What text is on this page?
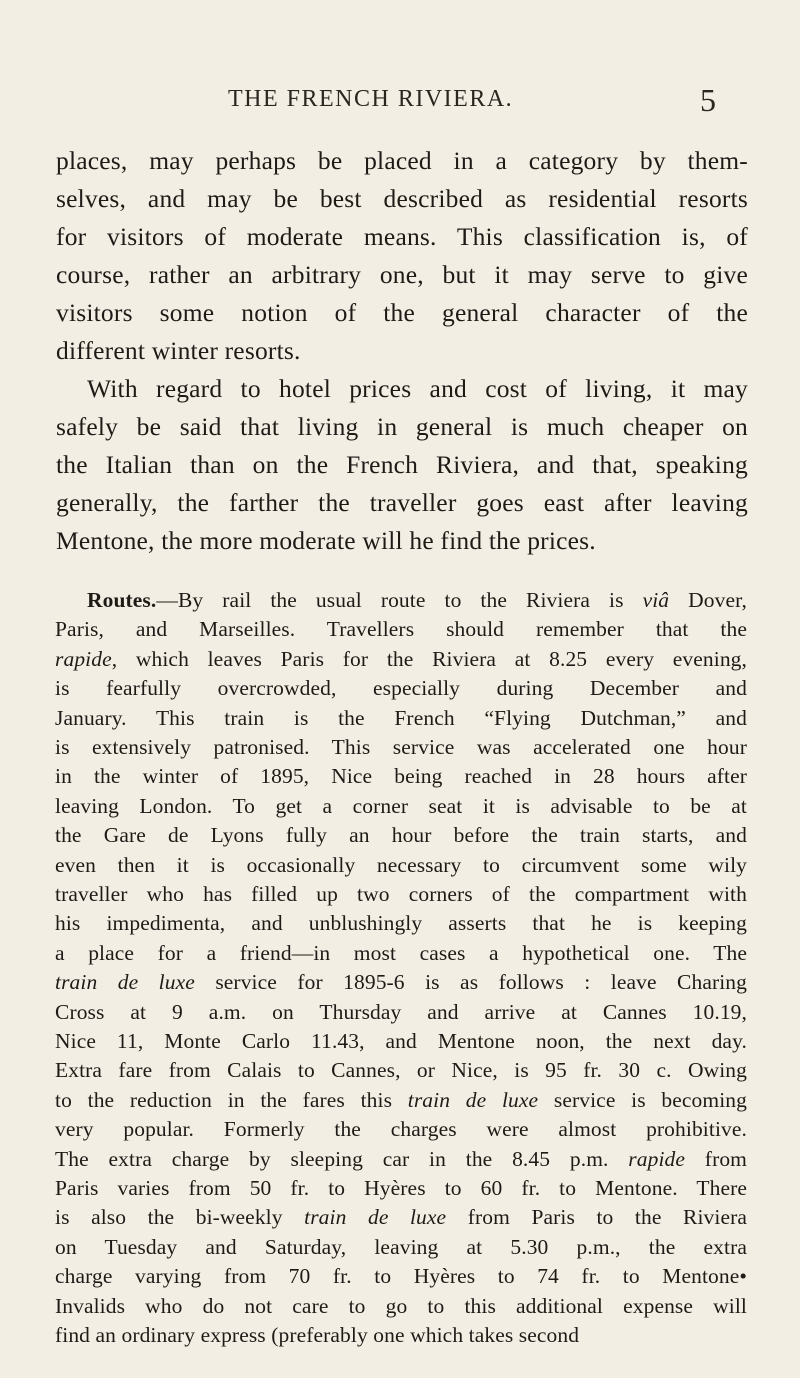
THE FRENCH RIVIERA.	5
places, may perhaps be placed in a category by them-
selves, and may be best described as residential resorts
for visitors of moderate means. This classification is, of
course, rather an arbitrary one, but it may serve to give
visitors some notion of the general character of the
different winter resorts.
With regard to hotel prices and cost of living, it may
safely be said that living in general is much cheaper on
the Italian than on the French Riviera, and that, speaking
generally, the farther the traveller goes east after leaving
Mentone, the more moderate will he find the prices.
Routes.—By rail the usual route to the Riviera is viâ Dover,
Paris, and Marseilles. Travellers should remember that the
rapide, which leaves Paris for the Riviera at 8.25 every evening,
is fearfully overcrowded, especially during December and
January. This train is the French “Flying Dutchman,” and
is extensively patronised. This service was accelerated one hour
in the winter of 1895, Nice being reached in 28 hours after
leaving London. To get a corner seat it is advisable to be at
the Gare de Lyons fully an hour before the train starts, and
even then it is occasionally necessary to circumvent some wily
traveller who has filled up two corners of the compartment with
his impedimenta, and unblushingly asserts that he is keeping
a place for a friend—in most cases a hypothetical one. The
train de luxe service for 1895-6 is as follows : leave Charing
Cross at 9 a.m. on Thursday and arrive at Cannes 10.19,
Nice 11, Monte Carlo 11.43, and Mentone noon, the next day.
Extra fare from Calais to Cannes, or Nice, is 95 fr. 30 c. Owing
to the reduction in the fares this train de luxe service is becoming
very popular. Formerly the charges were almost prohibitive.
The extra charge by sleeping car in the 8.45 p.m. rapide from
Paris varies from 50 fr. to Hyères to 60 fr. to Mentone. There
is also the bi-weekly train de luxe from Paris to the Riviera
on Tuesday and Saturday, leaving at 5.30 p.m., the extra
charge varying from 70 fr. to Hyères to 74 fr. to Mentone•
Invalids who do not care to go to this additional expense will
find an ordinary express (preferably one which takes second
